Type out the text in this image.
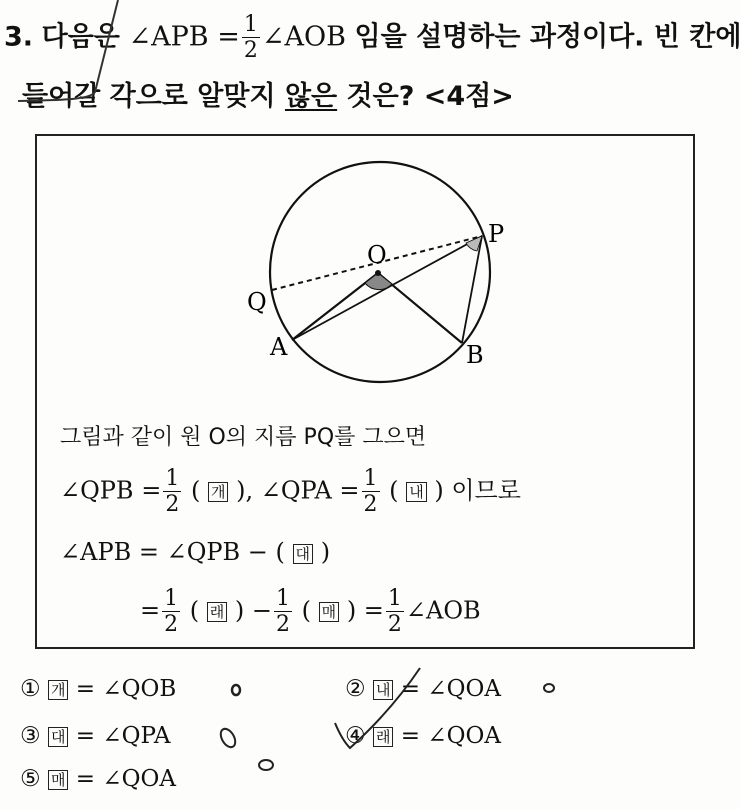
3. 다음은 ∠APB = $\frac{1}{2}$ ∠AOB 임을 설명하는 과정이다. 빈 칸에
들어갈 각으로 알맞지 않은 것은? <4점>
O
P
Q
A	B
그림과 같이 원 O의 지름 PQ를 그으면
∠QPB = $\frac{1}{2}$ ( 개 ), ∠QPA = $\frac{1}{2}$ ( 내 ) 이므로
∠APB = ∠QPB − ( 대 )
= $\frac{1}{2}$ ( 래 ) − $\frac{1}{2}$ ( 매 ) = $\frac{1}{2}$ ∠AOB
① 개 = ∠QOB	② 내 = ∠QOA
③ 대 = ∠QPA	④ 래 = ∠QOA
⑤ 매 = ∠QOA
